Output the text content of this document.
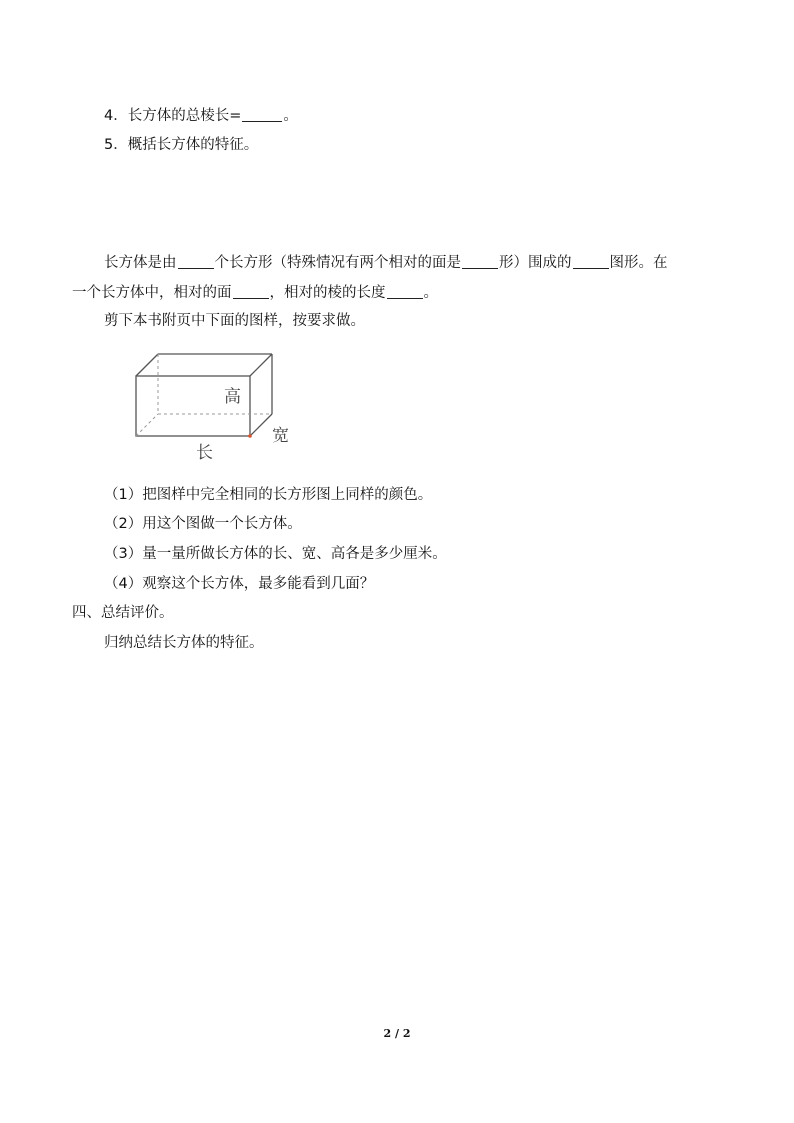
4．长方体的总棱长=	。
5．概括长方体的特征。
长方体是由	个长方形（特殊情况有两个相对的面是	形）围成的	图形。在
一个长方体中，相对的面	，相对的棱的长度	。
剪下本书附页中下面的图样，按要求做。
高
宽
长
（1）把图样中完全相同的长方形图上同样的颜色。
（2）用这个图做一个长方体。
（3）量一量所做长方体的长、宽、高各是多少厘米。
（4）观察这个长方体，最多能看到几面？
四、总结评价。
归纳总结长方体的特征。
2 / 2
